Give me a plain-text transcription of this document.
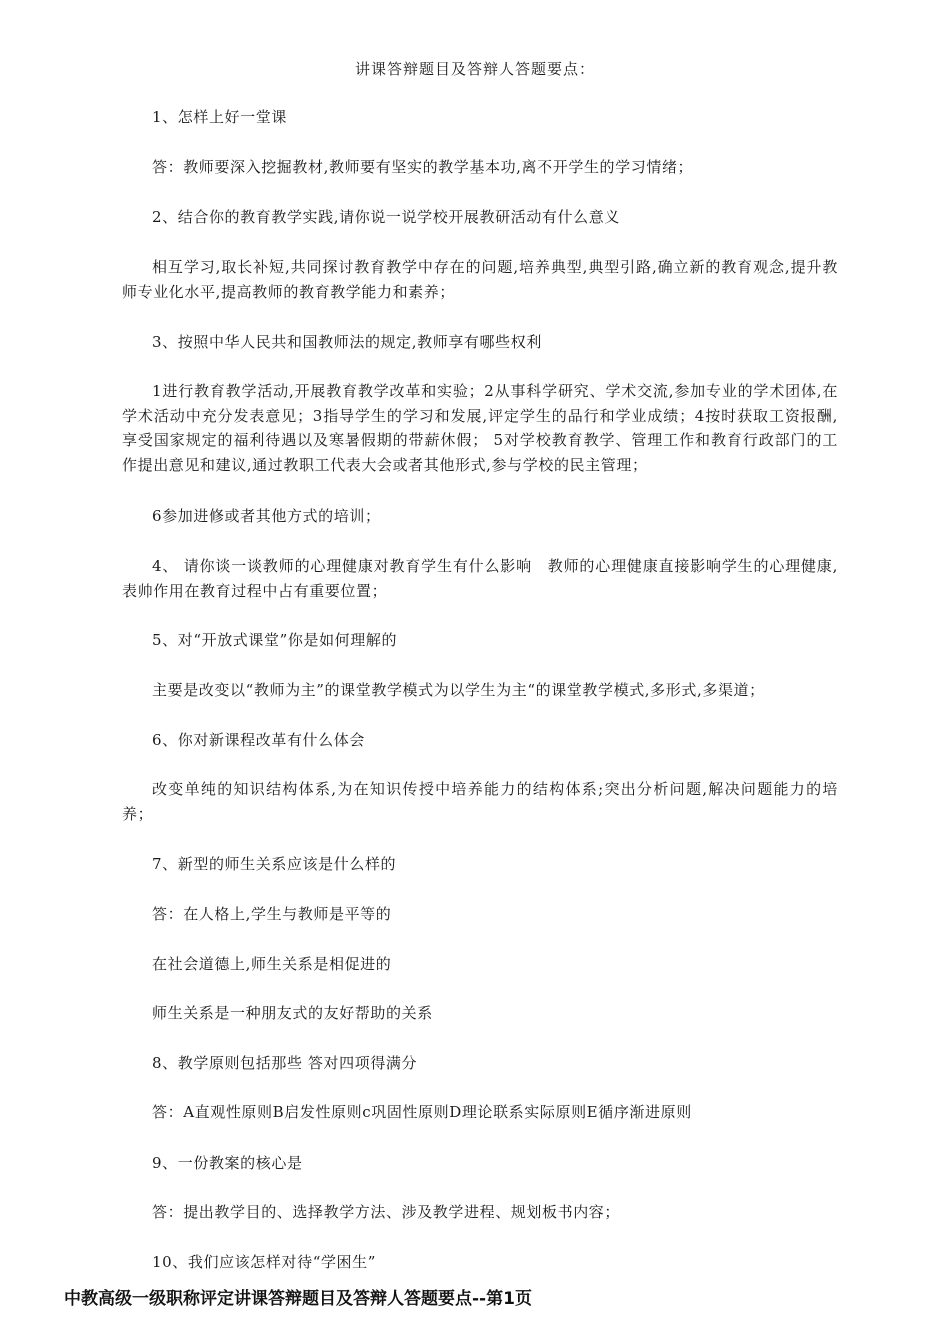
讲课答辩题目及答辩人答题要点：
1、怎样上好一堂课
答：教师要深入挖掘教材,教师要有坚实的教学基本功,离不开学生的学习情绪；
2、结合你的教育教学实践,请你说一说学校开展教研活动有什么意义
相互学习,取长补短,共同探讨教育教学中存在的问题,培养典型,典型引路,确立新的教育观念,提升教师专业化水平,提高教师的教育教学能力和素养；
3、按照中华人民共和国教师法的规定,教师享有哪些权利
1进行教育教学活动,开展教育教学改革和实验；2从事科学研究、学术交流,参加专业的学术团体,在学术活动中充分发表意见；3指导学生的学习和发展,评定学生的品行和学业成绩；4按时获取工资报酬,享受国家规定的福利待遇以及寒暑假期的带薪休假； 5对学校教育教学、管理工作和教育行政部门的工作提出意见和建议,通过教职工代表大会或者其他形式,参与学校的民主管理；
6参加进修或者其他方式的培训；
4、 请你谈一谈教师的心理健康对教育学生有什么影响　教师的心理健康直接影响学生的心理健康,表帅作用在教育过程中占有重要位置；
5、对“开放式课堂”你是如何理解的
主要是改变以“教师为主”的课堂教学模式为以学生为主“的课堂教学模式,多形式,多渠道；
6、你对新课程改革有什么体会
改变单纯的知识结构体系,为在知识传授中培养能力的结构体系;突出分析问题,解决问题能力的培养；
7、新型的师生关系应该是什么样的
答：在人格上,学生与教师是平等的
在社会道德上,师生关系是相促进的
师生关系是一种朋友式的友好帮助的关系
8、教学原则包括那些 答对四项得满分
答：A直观性原则B启发性原则c巩固性原则D理论联系实际原则E循序渐进原则
9、一份教案的核心是
答：提出教学目的、选择教学方法、涉及教学进程、规划板书内容；
10、我们应该怎样对待“学困生”
中教高级一级职称评定讲课答辩题目及答辩人答题要点--第1页
